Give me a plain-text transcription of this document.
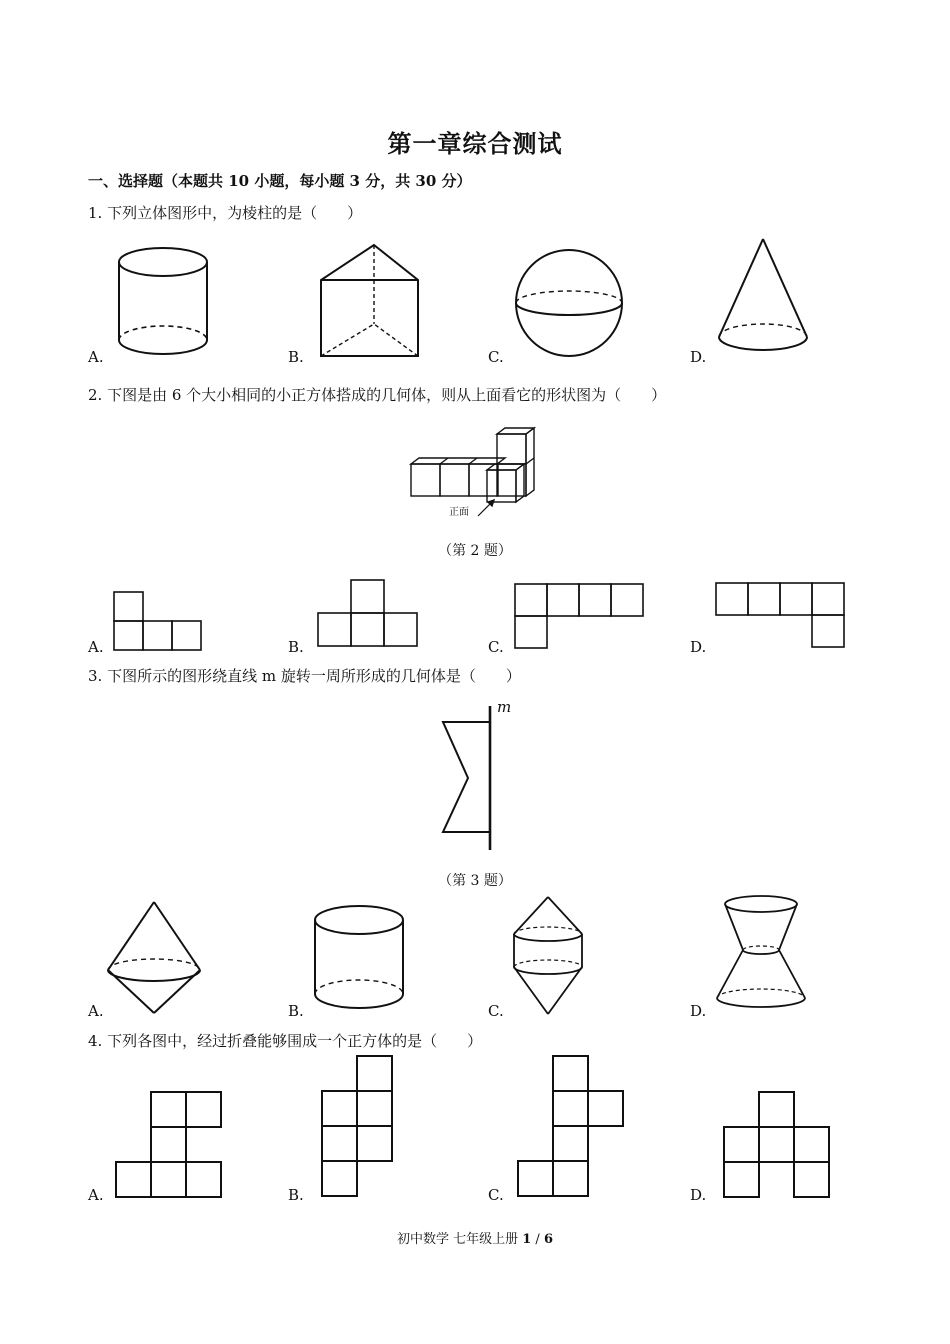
第一章综合测试
一、选择题（本题共 10 小题，每小题 3 分，共 30 分）
1. 下列立体图形中，为棱柱的是（　　）
A.	B.	C.	D.
2. 下图是由 6 个大小相同的小正方体搭成的几何体，则从上面看它的形状图为（　　）
正面
（第 2 题）
A.	B.	C.	D.
3. 下图所示的图形绕直线 m 旋转一周所形成的几何体是（　　）
m
（第 3 题）
A.	B.	C.	D.
4. 下列各图中，经过折叠能够围成一个正方体的是（　　）
A.	B.	C.	D.
初中数学 七年级上册 1 / 6
